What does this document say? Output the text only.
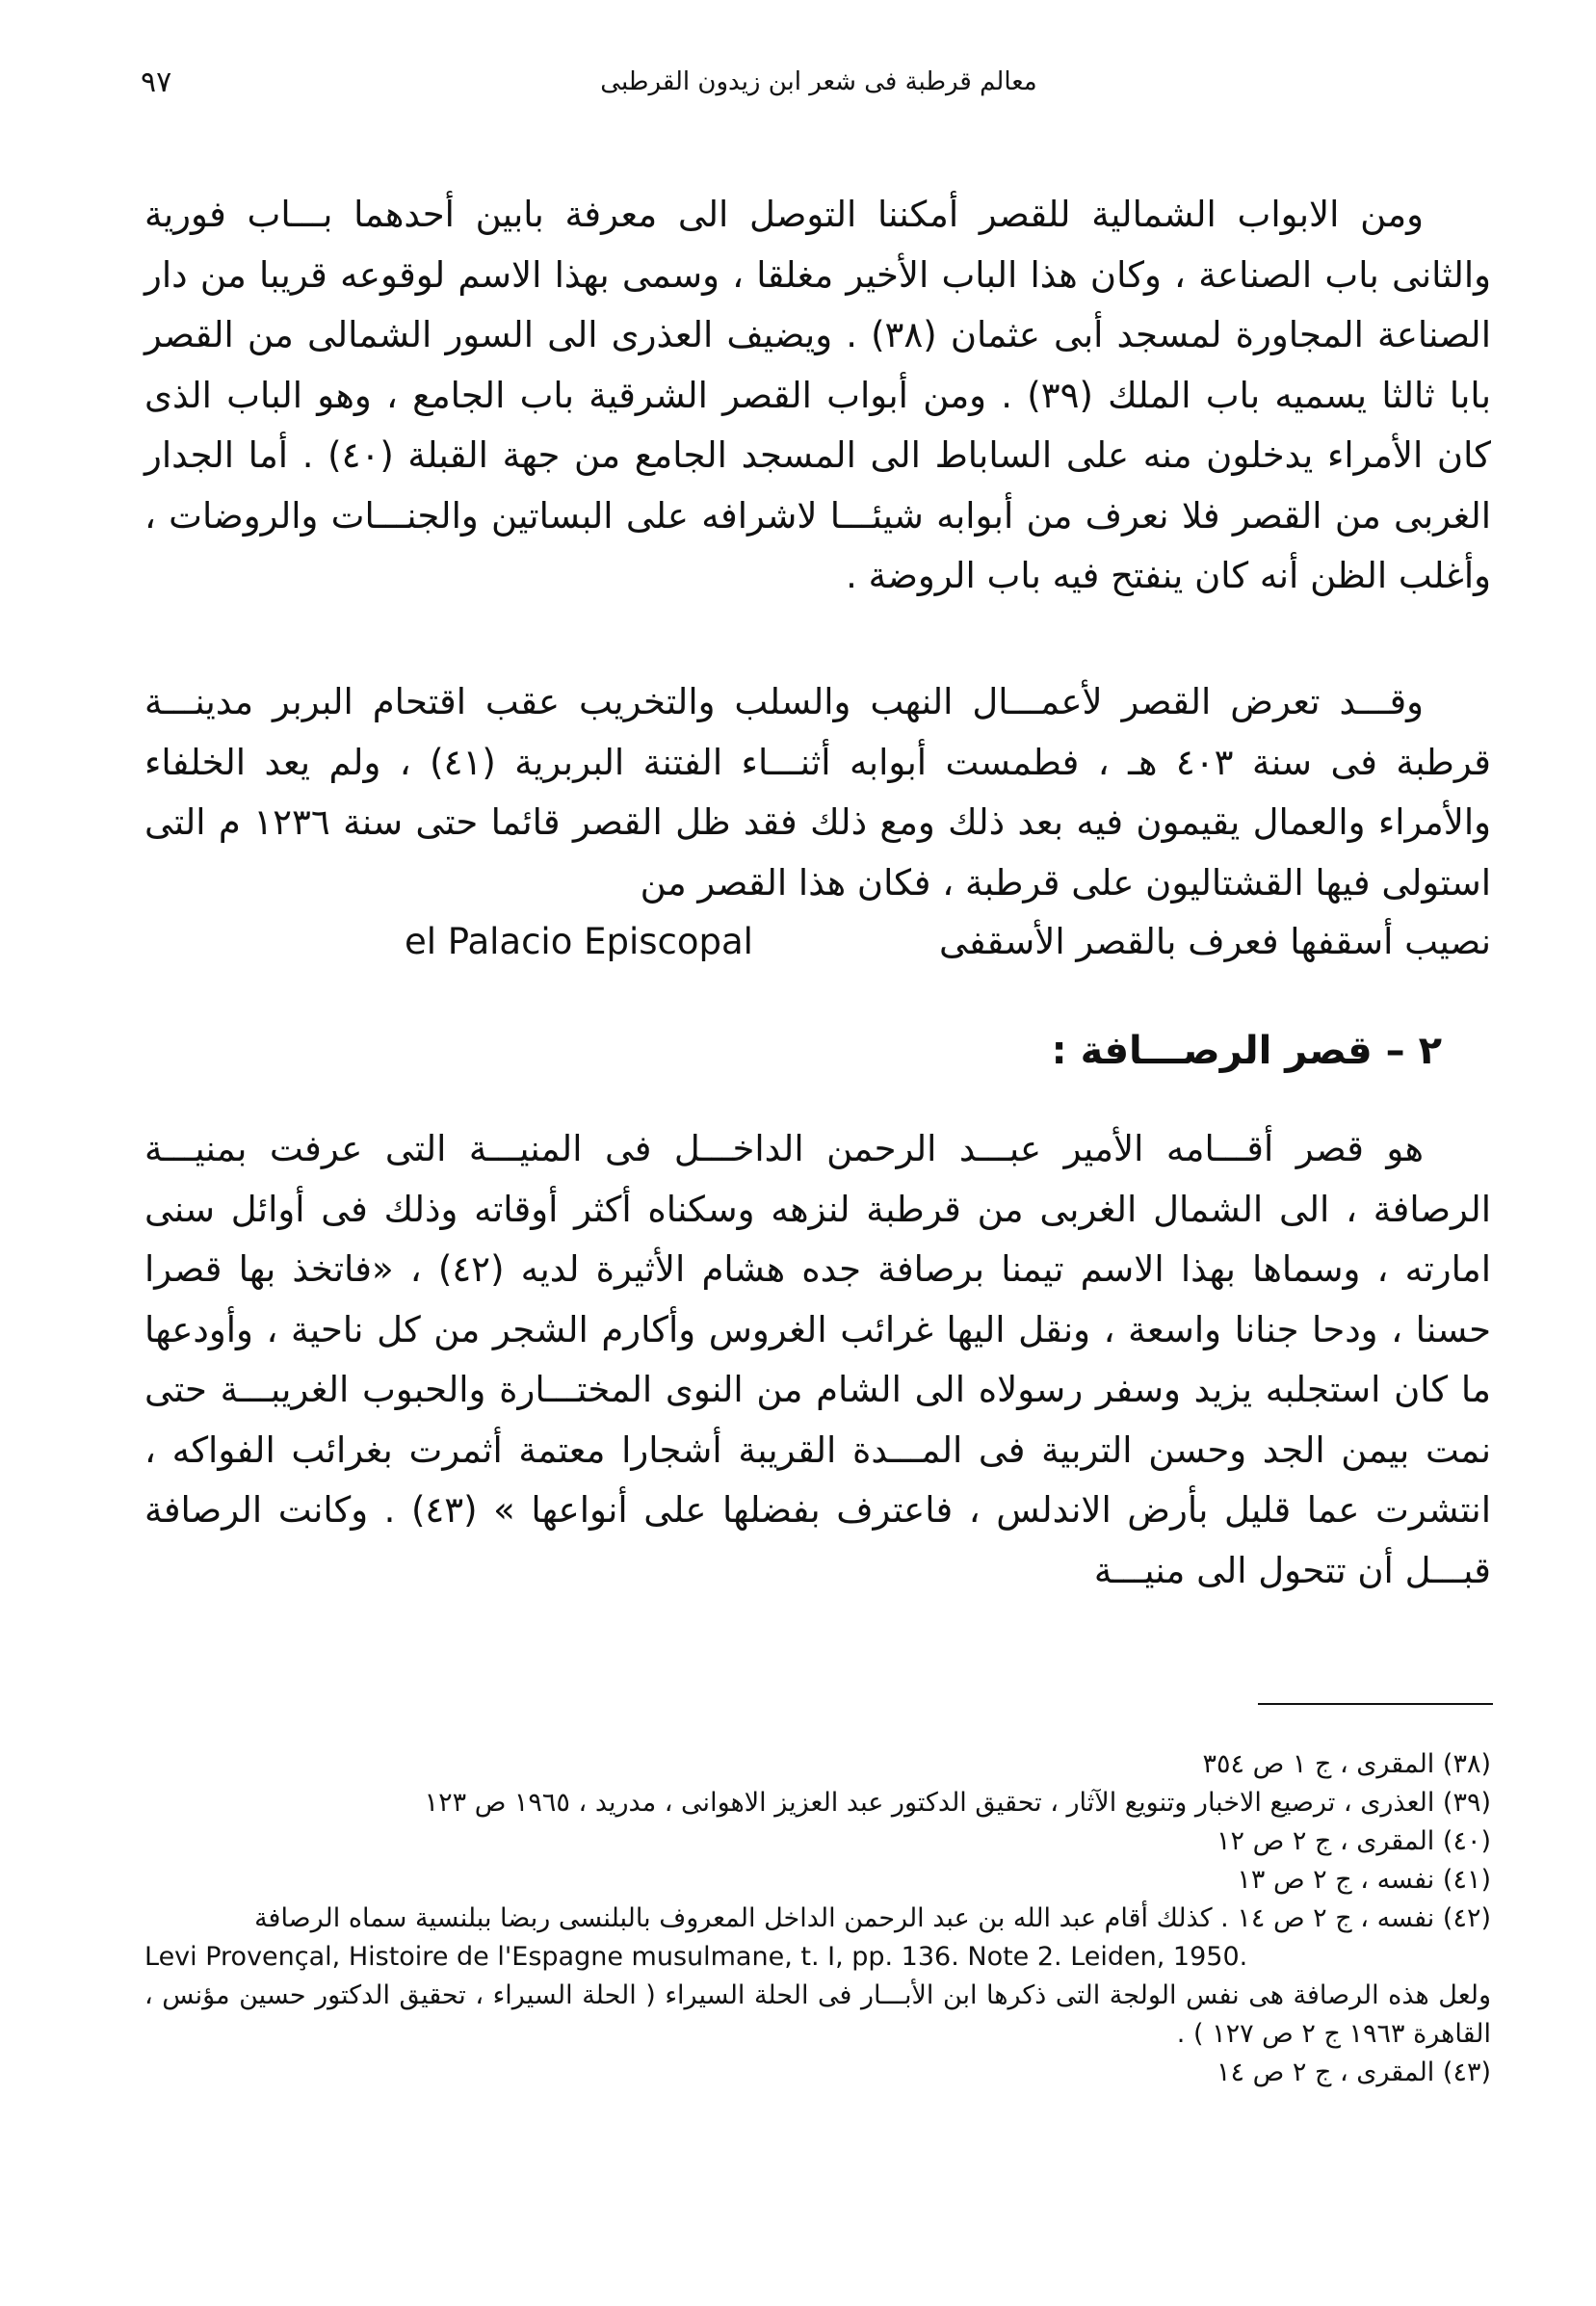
٩٧	معالم قرطبة فى شعر ابن زيدون القرطبى

ومن الابواب الشمالية للقصر أمكننا التوصل الى معرفة بابين أحدهما بـــاب فورية والثانى باب الصناعة ، وكان هذا الباب الأخير مغلقا ، وسمى بهذا الاسم لوقوعه قريبا من دار الصناعة المجاورة لمسجد أبى عثمان (٣٨) . ويضيف العذرى الى السور الشمالى من القصر بابا ثالثا يسميه باب الملك (٣٩) . ومن أبواب القصر الشرقية باب الجامع ، وهو الباب الذى كان الأمراء يدخلون منه على الساباط الى المسجد الجامع من جهة القبلة (٤٠) . أما الجدار الغربى من القصر فلا نعرف من أبوابه شيئـــا لاشرافه على البساتين والجنـــات والروضات ، وأغلب الظن أنه كان ينفتح فيه باب الروضة .

وقـــد تعرض القصر لأعمـــال النهب والسلب والتخريب عقب اقتحام البربر مدينـــة قرطبة فى سنة ٤٠٣ هـ ، فطمست أبوابه أثنـــاء الفتنة البربرية (٤١) ، ولم يعد الخلفاء والأمراء والعمال يقيمون فيه بعد ذلك ومع ذلك فقد ظل القصر قائما حتى سنة ١٢٣٦ م التى استولى فيها القشتاليون على قرطبة ، فكان هذا القصر من

نصيب أسقفها فعرف بالقصر الأسقفى
el Palacio Episcopal
٢ – قصر الرصـــافة :

هو قصر أقـــامه الأمير عبـــد الرحمن الداخـــل فى المنيـــة التى عرفت بمنيـــة الرصافة ، الى الشمال الغربى من قرطبة لنزهه وسكناه أكثر أوقاته وذلك فى أوائل سنى امارته ، وسماها بهذا الاسم تيمنا برصافة جده هشام الأثيرة لديه (٤٢) ، «فاتخذ بها قصرا حسنا ، ودحا جنانا واسعة ، ونقل اليها غرائب الغروس وأكارم الشجر من كل ناحية ، وأودعها ما كان استجلبه يزيد وسفر رسولاه الى الشام من النوى المختـــارة والحبوب الغريبـــة حتى نمت بيمن الجد وحسن التربية فى المـــدة القريبة أشجارا معتمة أثمرت بغرائب الفواكه ، انتشرت عما قليل بأرض الاندلس ، فاعترف بفضلها على أنواعها » (٤٣) . وكانت الرصافة قبـــل أن تتحول الى منيـــة

(٣٨) المقرى ، ج ١ ص ٣٥٤

(٣٩) العذرى ، ترصيع الاخبار وتنويع الآثار ، تحقيق الدكتور عبد العزيز الاهوانى ، مدريد ، ١٩٦٥ ص ١٢٣

(٤٠) المقرى ، ج ٢ ص ١٢

(٤١) نفسه ، ج ٢ ص ١٣

(٤٢) نفسه ، ج ٢ ص ١٤ . كذلك أقام عبد الله بن عبد الرحمن الداخل المعروف بالبلنسى ربضا ببلنسية سماه الرصافة

Levi Provençal, Histoire de l'Espagne musulmane, t. I, pp. 136. Note 2. Leiden, 1950.

ولعل هذه الرصافة هى نفس الولجة التى ذكرها ابن الأبـــار فى الحلة السيراء ( الحلة السيراء ، تحقيق الدكتور حسين مؤنس ، القاهرة ١٩٦٣ ج ٢ ص ١٢٧ ) .

(٤٣) المقرى ، ج ٢ ص ١٤
